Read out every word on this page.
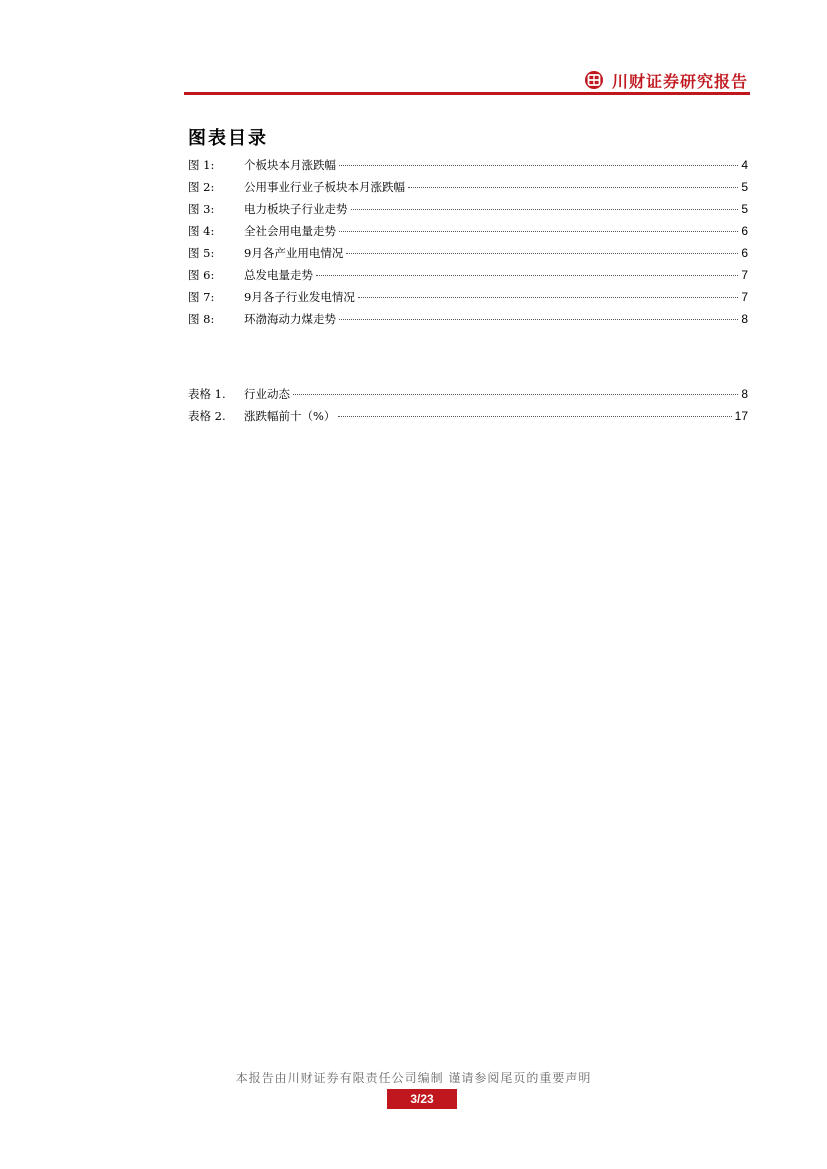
川财证券研究报告
图表目录
图 1:	个板块本月涨跌幅	4
图 2:	公用事业行业子板块本月涨跌幅	5
图 3:	电力板块子行业走势	5
图 4:	全社会用电量走势	6
图 5:	9月各产业用电情况	6
图 6:	总发电量走势	7
图 7:	9月各子行业发电情况	7
图 8:	环渤海动力煤走势	8
表格 1.	行业动态	8
表格 2.	涨跌幅前十（%）	17
本报告由川财证券有限责任公司编制 谨请参阅尾页的重要声明
3/23
